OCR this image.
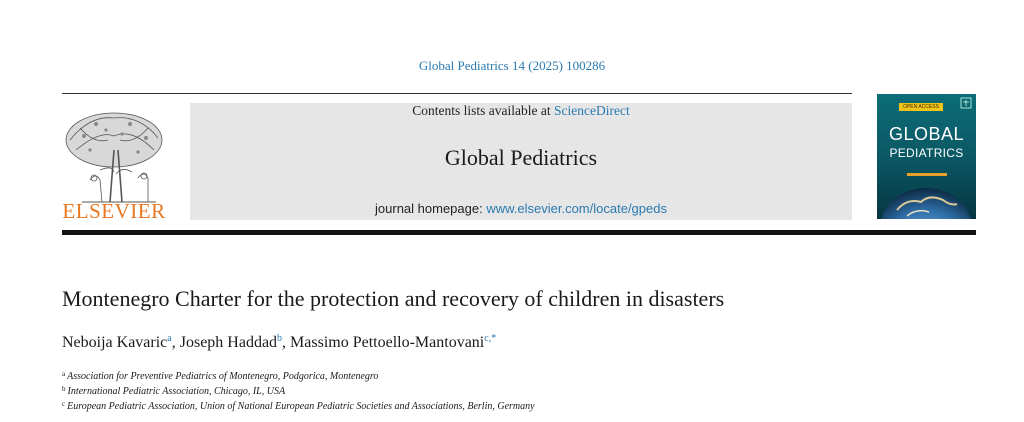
Global Pediatrics 14 (2025) 100286
ELSEVIER
Contents lists available at ScienceDirect
Global Pediatrics
journal homepage: www.elsevier.com/locate/gpeds
OPEN ACCESS
GLOBAL
PEDIATRICS
Montenegro Charter for the protection and recovery of children in disasters
Neboija Kavaric$^a$, Joseph Haddad$^b$, Massimo Pettoello-Mantovani$^{c,*}$
$^a$ Association for Preventive Pediatrics of Montenegro, Podgorica, Montenegro
$^b$ International Pediatric Association, Chicago, IL, USA
$^c$ European Pediatric Association, Union of National European Pediatric Societies and Associations, Berlin, Germany
